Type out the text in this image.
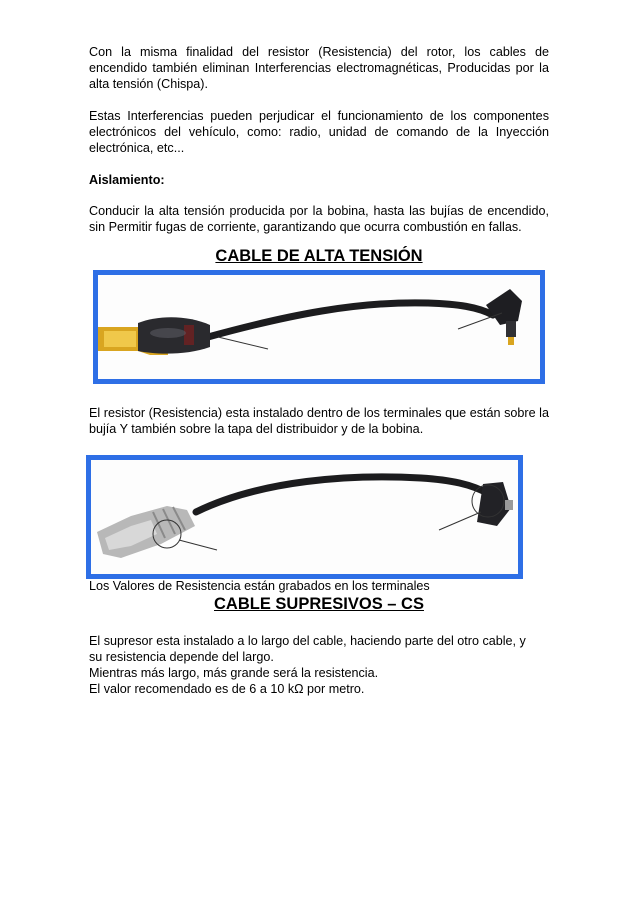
Con la misma finalidad del resistor (Resistencia) del rotor, los cables de encendido también eliminan Interferencias electromagnéticas, Producidas por la alta tensión (Chispa).

Estas Interferencias pueden perjudicar el funcionamiento de los componentes electrónicos del vehículo, como: radio, unidad de comando de la Inyección electrónica, etc...

Aislamiento:

Conducir la alta tensión producida por la bobina, hasta las bujías de encendido, sin Permitir fugas de corriente, garantizando que ocurra combustión en fallas.

CABLE DE ALTA TENSIÓN

El resistor (Resistencia) esta instalado dentro de los terminales que están sobre la bujía Y también sobre la tapa del distribuidor y de la bobina.

Los Valores de Resistencia están grabados en los terminales

CABLE SUPRESIVOS – CS

El supresor esta instalado a lo largo del cable, haciendo parte del otro cable, y

su resistencia depende del largo.

Mientras más largo, más grande será la resistencia.

El valor recomendado es de 6 a 10 kΩ por metro.
